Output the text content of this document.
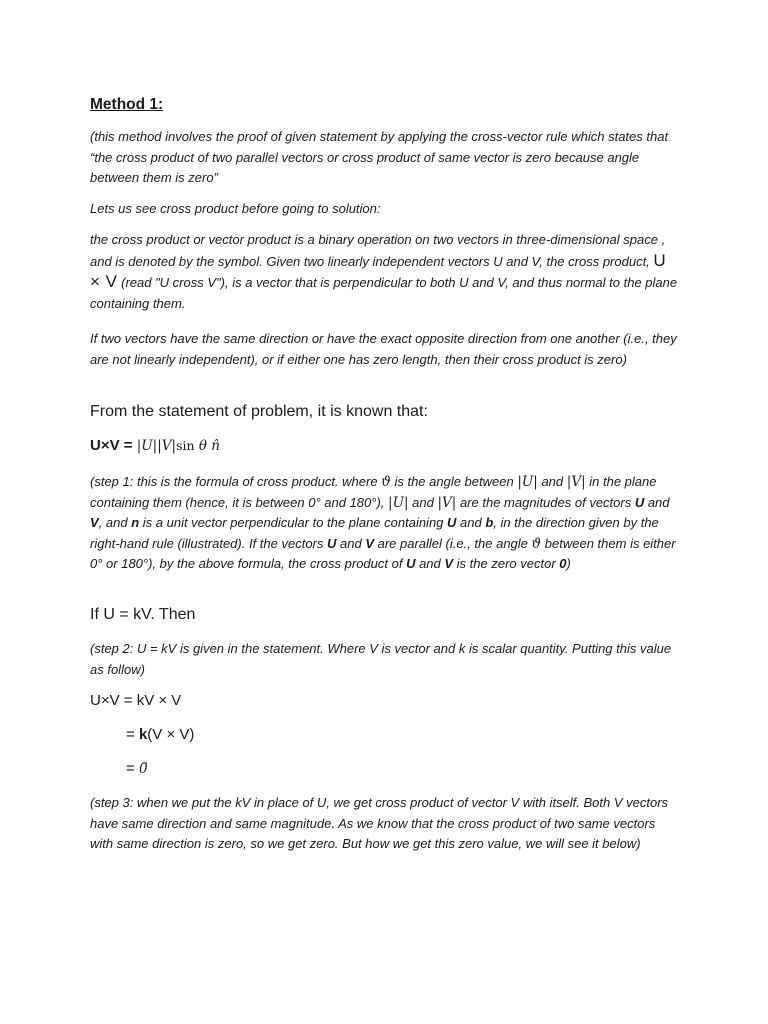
Method 1:

(this method involves the proof of given statement by applying the cross-vector rule which states that “the cross product of two parallel vectors or cross product of same vector is zero because angle between them is zero”

Lets us see cross product before going to solution:

the cross product or vector product is a binary operation on two vectors in three-dimensional space , and is denoted by the symbol. Given two linearly independent vectors U and V, the cross product, U × V (read "U cross V"), is a vector that is perpendicular to both U and V, and thus normal to the plane containing them.

If two vectors have the same direction or have the exact opposite direction from one another (i.e., they are not linearly independent), or if either one has zero length, then their cross product is zero)

From the statement of problem, it is known that:
U×V = |U||V|sin θ n̂

(step 1: this is the formula of cross product. where ϑ is the angle between |U| and |V| in the plane containing them (hence, it is between 0° and 180°), |U| and |V| are the magnitudes of vectors U and V, and n is a unit vector perpendicular to the plane containing U and b, in the direction given by the right-hand rule (illustrated). If the vectors U and V are parallel (i.e., the angle ϑ between them is either 0° or 180°), by the above formula, the cross product of U and V is the zero vector 0)

If U = kV. Then

(step 2: U = kV is given in the statement. Where V is vector and k is scalar quantity. Putting this value as follow)

U×V = kV × V
= k(V × V)
= 0̃

(step 3: when we put the kV in place of U, we get cross product of vector V with itself. Both V vectors have same direction and same magnitude. As we know that the cross product of two same vectors with same direction is zero, so we get zero. But how we get this zero value, we will see it below)
